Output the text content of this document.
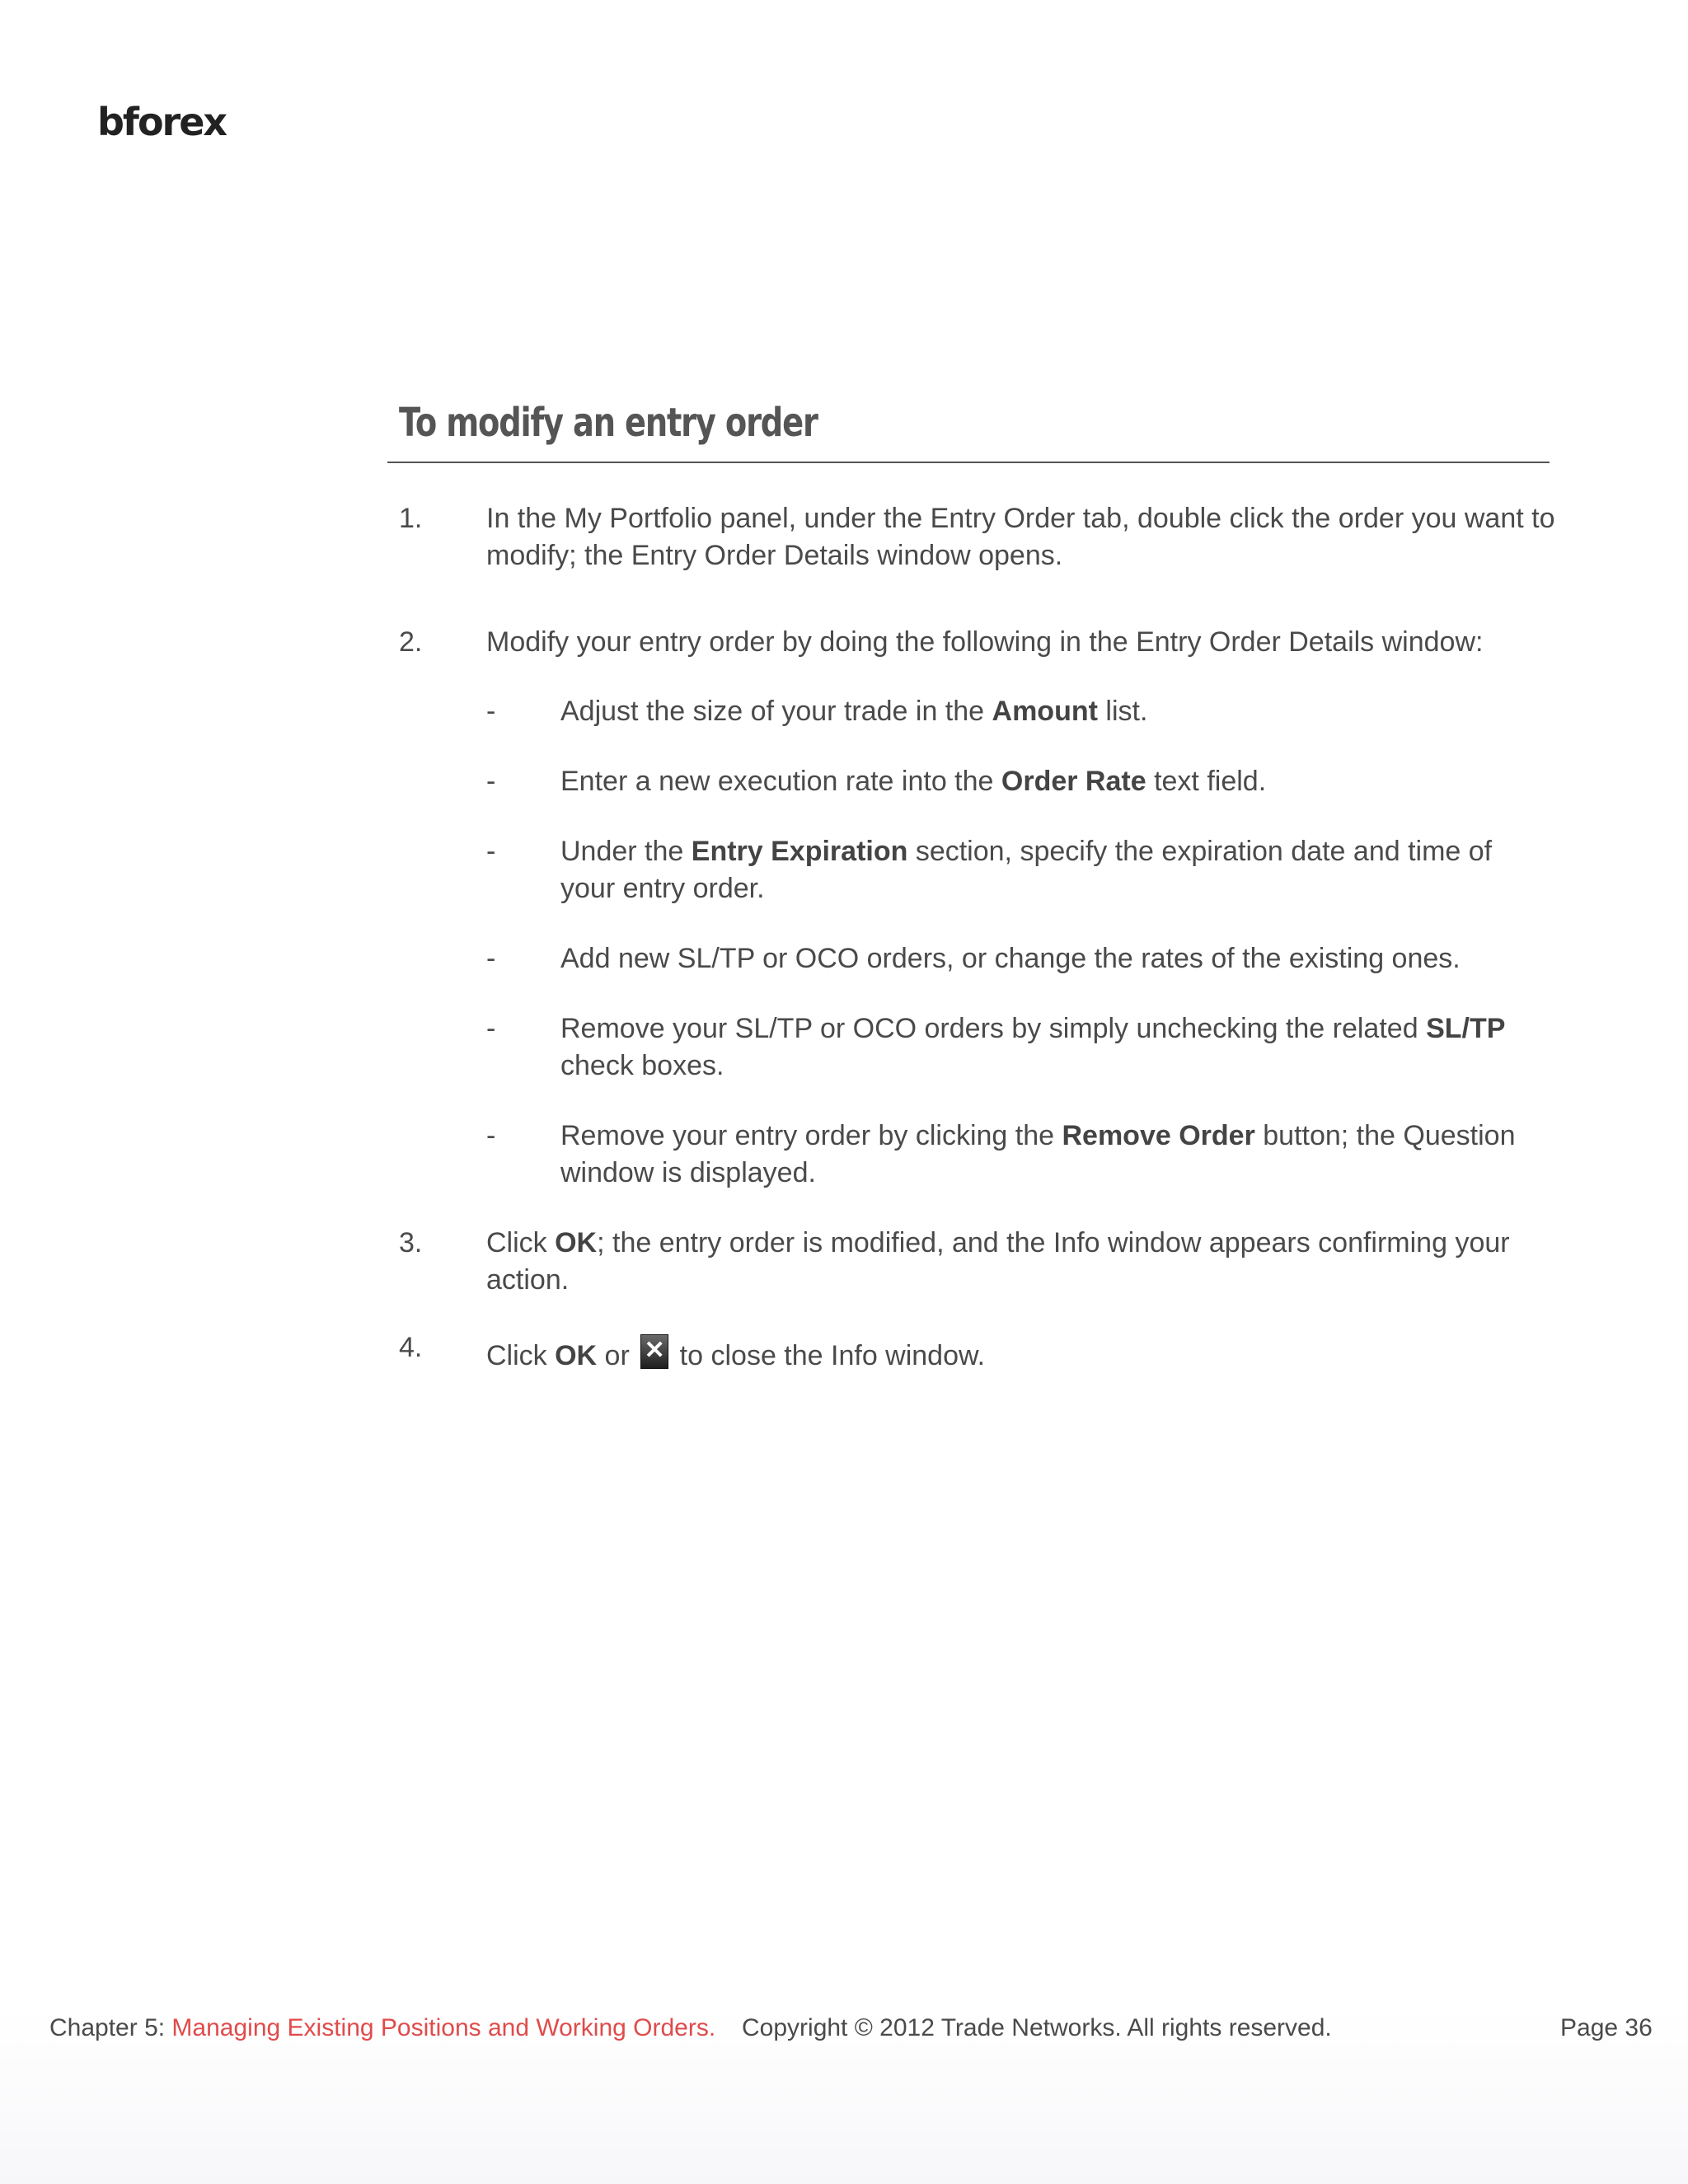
bforex
To modify an entry order
1. In the My Portfolio panel, under the Entry Order tab, double click the order you want to modify; the Entry Order Details window opens.
2. Modify your entry order by doing the following in the Entry Order Details window:
- Adjust the size of your trade in the Amount list.
- Enter a new execution rate into the Order Rate text field.
- Under the Entry Expiration section, specify the expiration date and time of your entry order.
- Add new SL/TP or OCO orders, or change the rates of the existing ones.
- Remove your SL/TP or OCO orders by simply unchecking the related SL/TP check boxes.
- Remove your entry order by clicking the Remove Order button; the Question window is displayed.
3. Click OK; the entry order is modified, and the Info window appears confirming your action.
4. Click OK or ✕ to close the Info window.
Chapter 5: Managing Existing Positions and Working Orders. Copyright © 2012 Trade Networks. All rights reserved.	Page 36
